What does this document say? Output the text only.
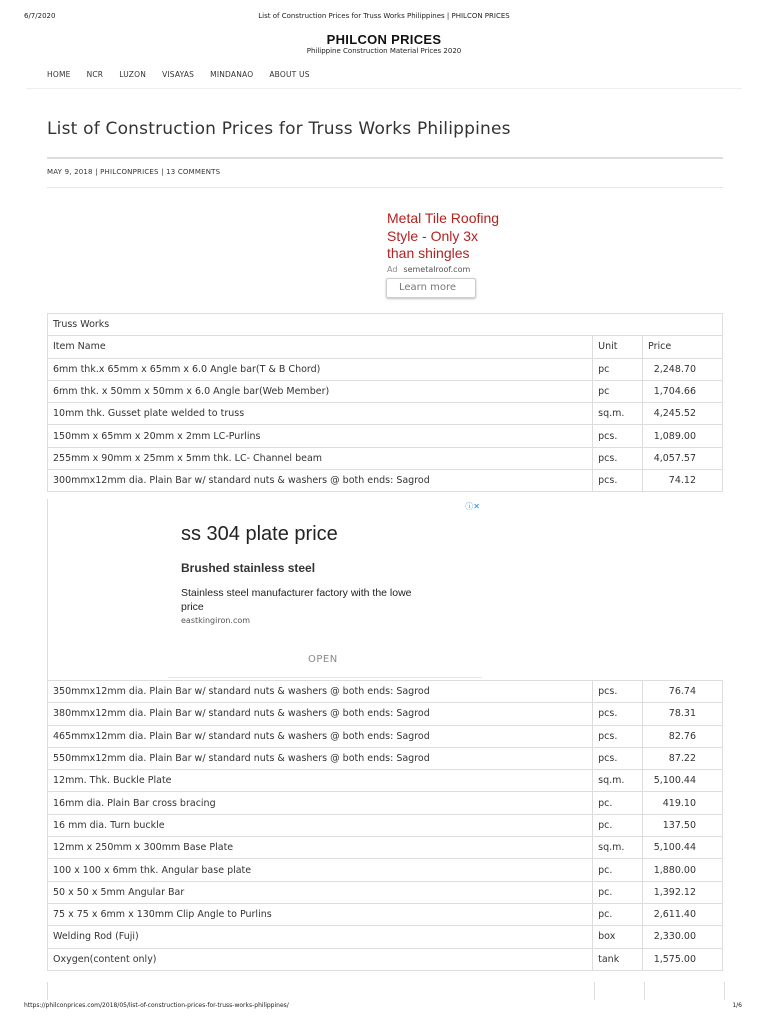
6/7/2020	List of Construction Prices for Truss Works Philippines | PHILCON PRICES
PHILCON PRICES
Philippine Construction Material Prices 2020
HOME NCR LUZON VISAYAS MINDANAO ABOUT US
List of Construction Prices for Truss Works Philippines
MAY 9, 2018 | PHILCONPRICES | 13 COMMENTS
Metal Tile Roofing Style - Only 3x than shingles
Ad semetalroof.com
Learn more
Truss Works		
Item Name	Unit	Price
6mm thk.x 65mm x 65mm x 6.0 Angle bar(T & B Chord)	pc	2,248.70
6mm thk. x 50mm x 50mm x 6.0 Angle bar(Web Member)	pc	1,704.66
10mm thk. Gusset plate welded to truss	sq.m.	4,245.52
150mm x 65mm x 20mm x 2mm LC-Purlins	pcs.	1,089.00
255mm x 90mm x 25mm x 5mm thk. LC- Channel beam	pcs.	4,057.57
300mmx12mm dia. Plain Bar w/ standard nuts & washers @ both ends: Sagrod	pcs.	74.12
ⓘ✕
ss 304 plate price
Brushed stainless steel
Stainless steel manufacturer factory with the lowe price
eastkingiron.com
OPEN
350mmx12mm dia. Plain Bar w/ standard nuts & washers @ both ends: Sagrod	pcs.	76.74
380mmx12mm dia. Plain Bar w/ standard nuts & washers @ both ends: Sagrod	pcs.	78.31
465mmx12mm dia. Plain Bar w/ standard nuts & washers @ both ends: Sagrod	pcs.	82.76
550mmx12mm dia. Plain Bar w/ standard nuts & washers @ both ends: Sagrod	pcs.	87.22
12mm. Thk. Buckle Plate	sq.m.	5,100.44
16mm dia. Plain Bar cross bracing	pc.	419.10
16 mm dia. Turn buckle	pc.	137.50
12mm x 250mm x 300mm Base Plate	sq.m.	5,100.44
100 x 100 x 6mm thk. Angular base plate	pc.	1,880.00
50 x 50 x 5mm Angular Bar	pc.	1,392.12
75 x 75 x 6mm x 130mm Clip Angle to Purlins	pc.	2,611.40
Welding Rod (Fuji)	box	2,330.00
Oxygen(content only)	tank	1,575.00
https://philconprices.com/2018/05/list-of-construction-prices-for-truss-works-philippines/	1/6
